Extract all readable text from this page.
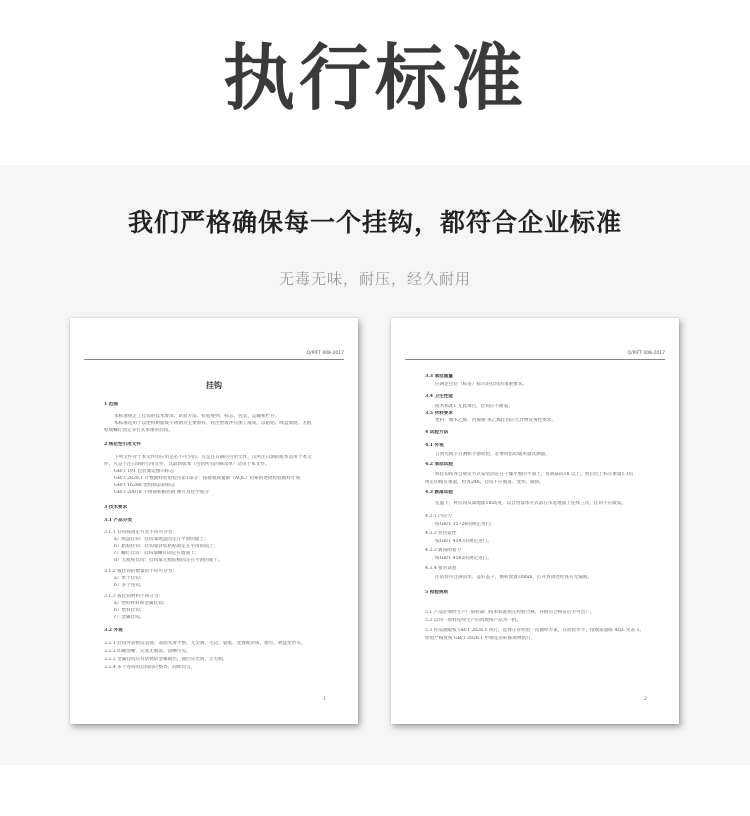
执行标准
我们严格确保每一个挂钩，都符合企业标准
无毒无味，耐压，经久耐用
Q/PIFT 008-2017
挂钩
1
1 范围
本标准规定了挂钩的技术要求、试验方法、检验规则、标志、包装、运输和贮存。
本标准适用于以塑料树脂或不锈钢为主要原料，经注塑或冲压加工成成，以粘贴、吸盘吸附、无痕
贴或螺钉固定等方式承重的挂钩。
2 规范性引用文件
下列文件对于本文件的应用是必不可少的。凡是注日期的引用文件，仅所注日期的版本适用于本文
件。凡是不注日期的引用文件，其最新版本（包括所有的修改单）适用于本文件。
GB/T 191 包装储运图示标志
GB/T 2828.1 计数抽样检验程序第1部分：按接收质量限（AQL）检索的逐批检验抽样计划
GB/T 16288 塑料制品的标志
GB/T 20878 不锈钢和耐热钢 牌号及化学成分
3 技术要求
3.1 产品分类
3.1.1 挂钩按固定方式不同可分为：
a）吸盘挂钩：挂钩靠吸盘固定在平滑的面上；
b）粘贴挂钩：挂钩靠背胶粘贴固定在平滑的面上；
c）螺钉挂钩：挂钩靠螺钉固定在墙面上；
d）无痕贴挂钩：挂钩靠无痕胶贴固定在平滑的面上。
3.1.2 按挂钩的数量的不同可分为：
a）单个挂钩；
b）多个连钩。
3.1.3 按挂钩材料不同分为：
a）塑料材料和金属挂钩；
b）塑料挂钩；
c）金属挂钩。
3.2 外观
3.2.1 挂钩外表整洁美观，表面光滑平整、无尖刺、毛边、裂痕、变透或杂质、擦毛、吸盘变形等。
3.2.2 印刷清晰，完成无脱落，清晰可见。
3.2.3 金属挂钩应有防锈的金属镀层，镀层应光滑、无毛刺。
3.2.4 多个连钩的挂钩间应整齐，间距均匀。
Q/PIFT 008-2017
2
3.3 承挂重量
应满足包装（标签）标示的挂钩的承重要求。
3.4 卫生性能
接木标准1 无此项目，挂钩应不断裂。
3.5 材料要求
塑料：聚苯乙烯、丙烯腈-苯乙烯挂钩应无异物及毒性要求。
4 试验方法
4.1 外观
自然光线下目测和手感检验，必要时借助通用量具测量。
4.2 承挂试验
将挂钩按各自规定方式安装固定在干燥平整的平面上，负载砝码1h 以上，然后挂上标示重量1.1倍
规定的相应重量，检查24h，挂钩不应脱落、变形、破损。
4.3 跌落试验
室温下，将挂钩从离地面1m高度，以自由落体方式落在水泥地面上连续三次，挂钩不应破裂。
4.3.1 内应力
按GB/T 15726的规定进行。
4.3.2 抗热震性
按GB/T 4547的规定进行。
4.3.3 镀铬附着力
按GB/T 4582的规定进行。
4.3.4 密封试验
注试样内注满清水，盖好盖子，倒转放置30min，打开封闭处检查有无漏液。
5 检验规则
5.1 产品必须经生产厂质检部门按本标准规定检验合格，并附有合格证后方可出厂。
5.2 以同一原料连续生产的同规格产品为一批。
5.3 样品抽取按 GB/T 2828.1 执行，选择正常检验一次抽样方案，其检验水平、接收质量限 AQL 见表 1。
检验严格度按 GB/T 2828.1 中规定的转移规则执行。
